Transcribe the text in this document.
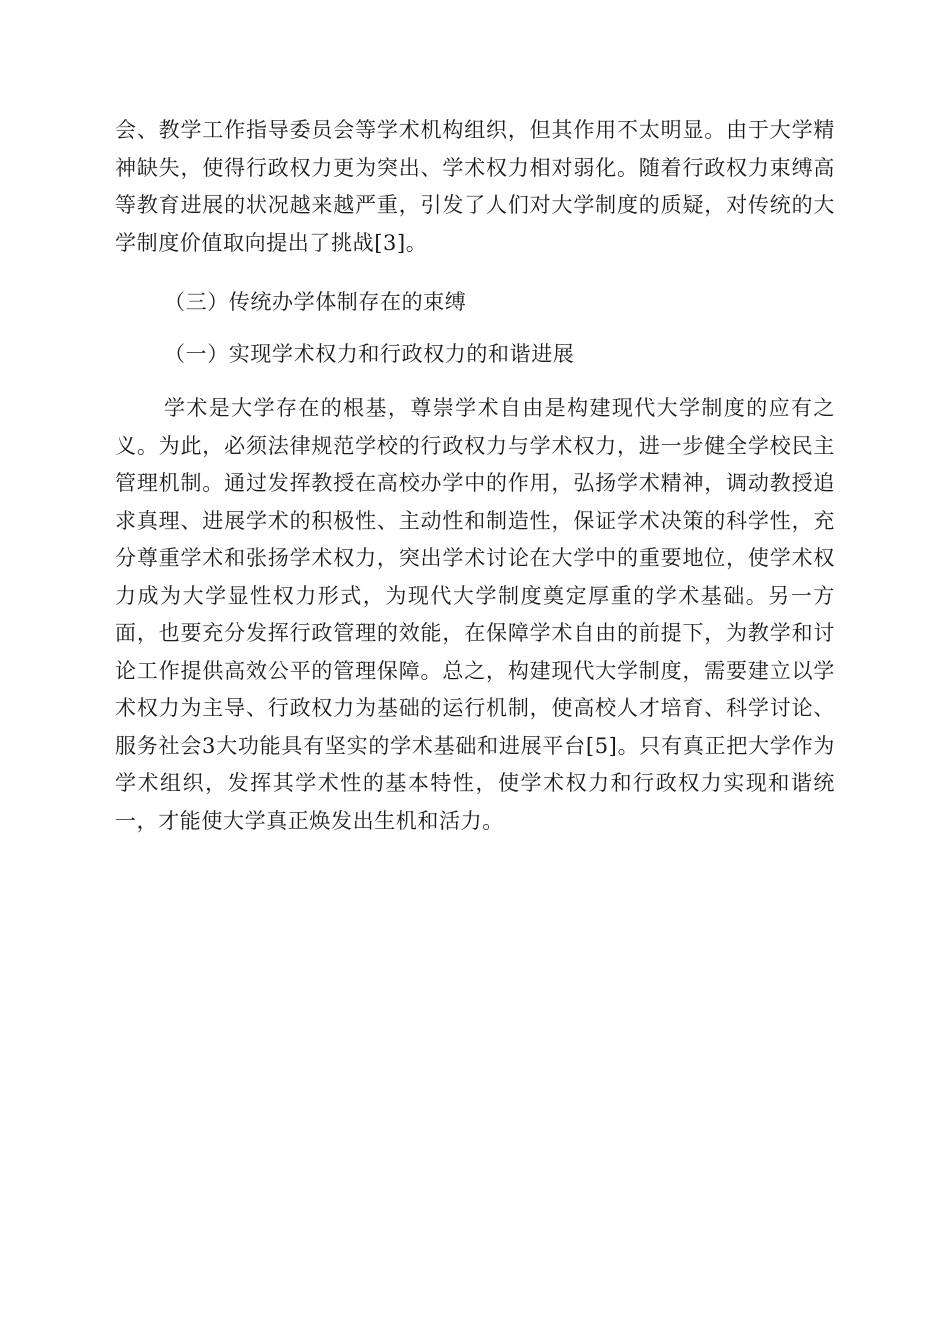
会、教学工作指导委员会等学术机构组织，但其作用不太明显。由于大学精神缺失，使得行政权力更为突出、学术权力相对弱化。随着行政权力束缚高等教育进展的状况越来越严重，引发了人们对大学制度的质疑，对传统的大学制度价值取向提出了挑战[3]。

（三）传统办学体制存在的束缚

（一）实现学术权力和行政权力的和谐进展

学术是大学存在的根基，尊崇学术自由是构建现代大学制度的应有之义。为此，必须法律规范学校的行政权力与学术权力，进一步健全学校民主管理机制。通过发挥教授在高校办学中的作用，弘扬学术精神，调动教授追求真理、进展学术的积极性、主动性和制造性，保证学术决策的科学性，充分尊重学术和张扬学术权力，突出学术讨论在大学中的重要地位，使学术权力成为大学显性权力形式，为现代大学制度奠定厚重的学术基础。另一方面，也要充分发挥行政管理的效能，在保障学术自由的前提下，为教学和讨论工作提供高效公平的管理保障。总之，构建现代大学制度，需要建立以学术权力为主导、行政权力为基础的运行机制，使高校人才培育、科学讨论、服务社会3大功能具有坚实的学术基础和进展平台[5]。只有真正把大学作为学术组织，发挥其学术性的基本特性，使学术权力和行政权力实现和谐统一，才能使大学真正焕发出生机和活力。
